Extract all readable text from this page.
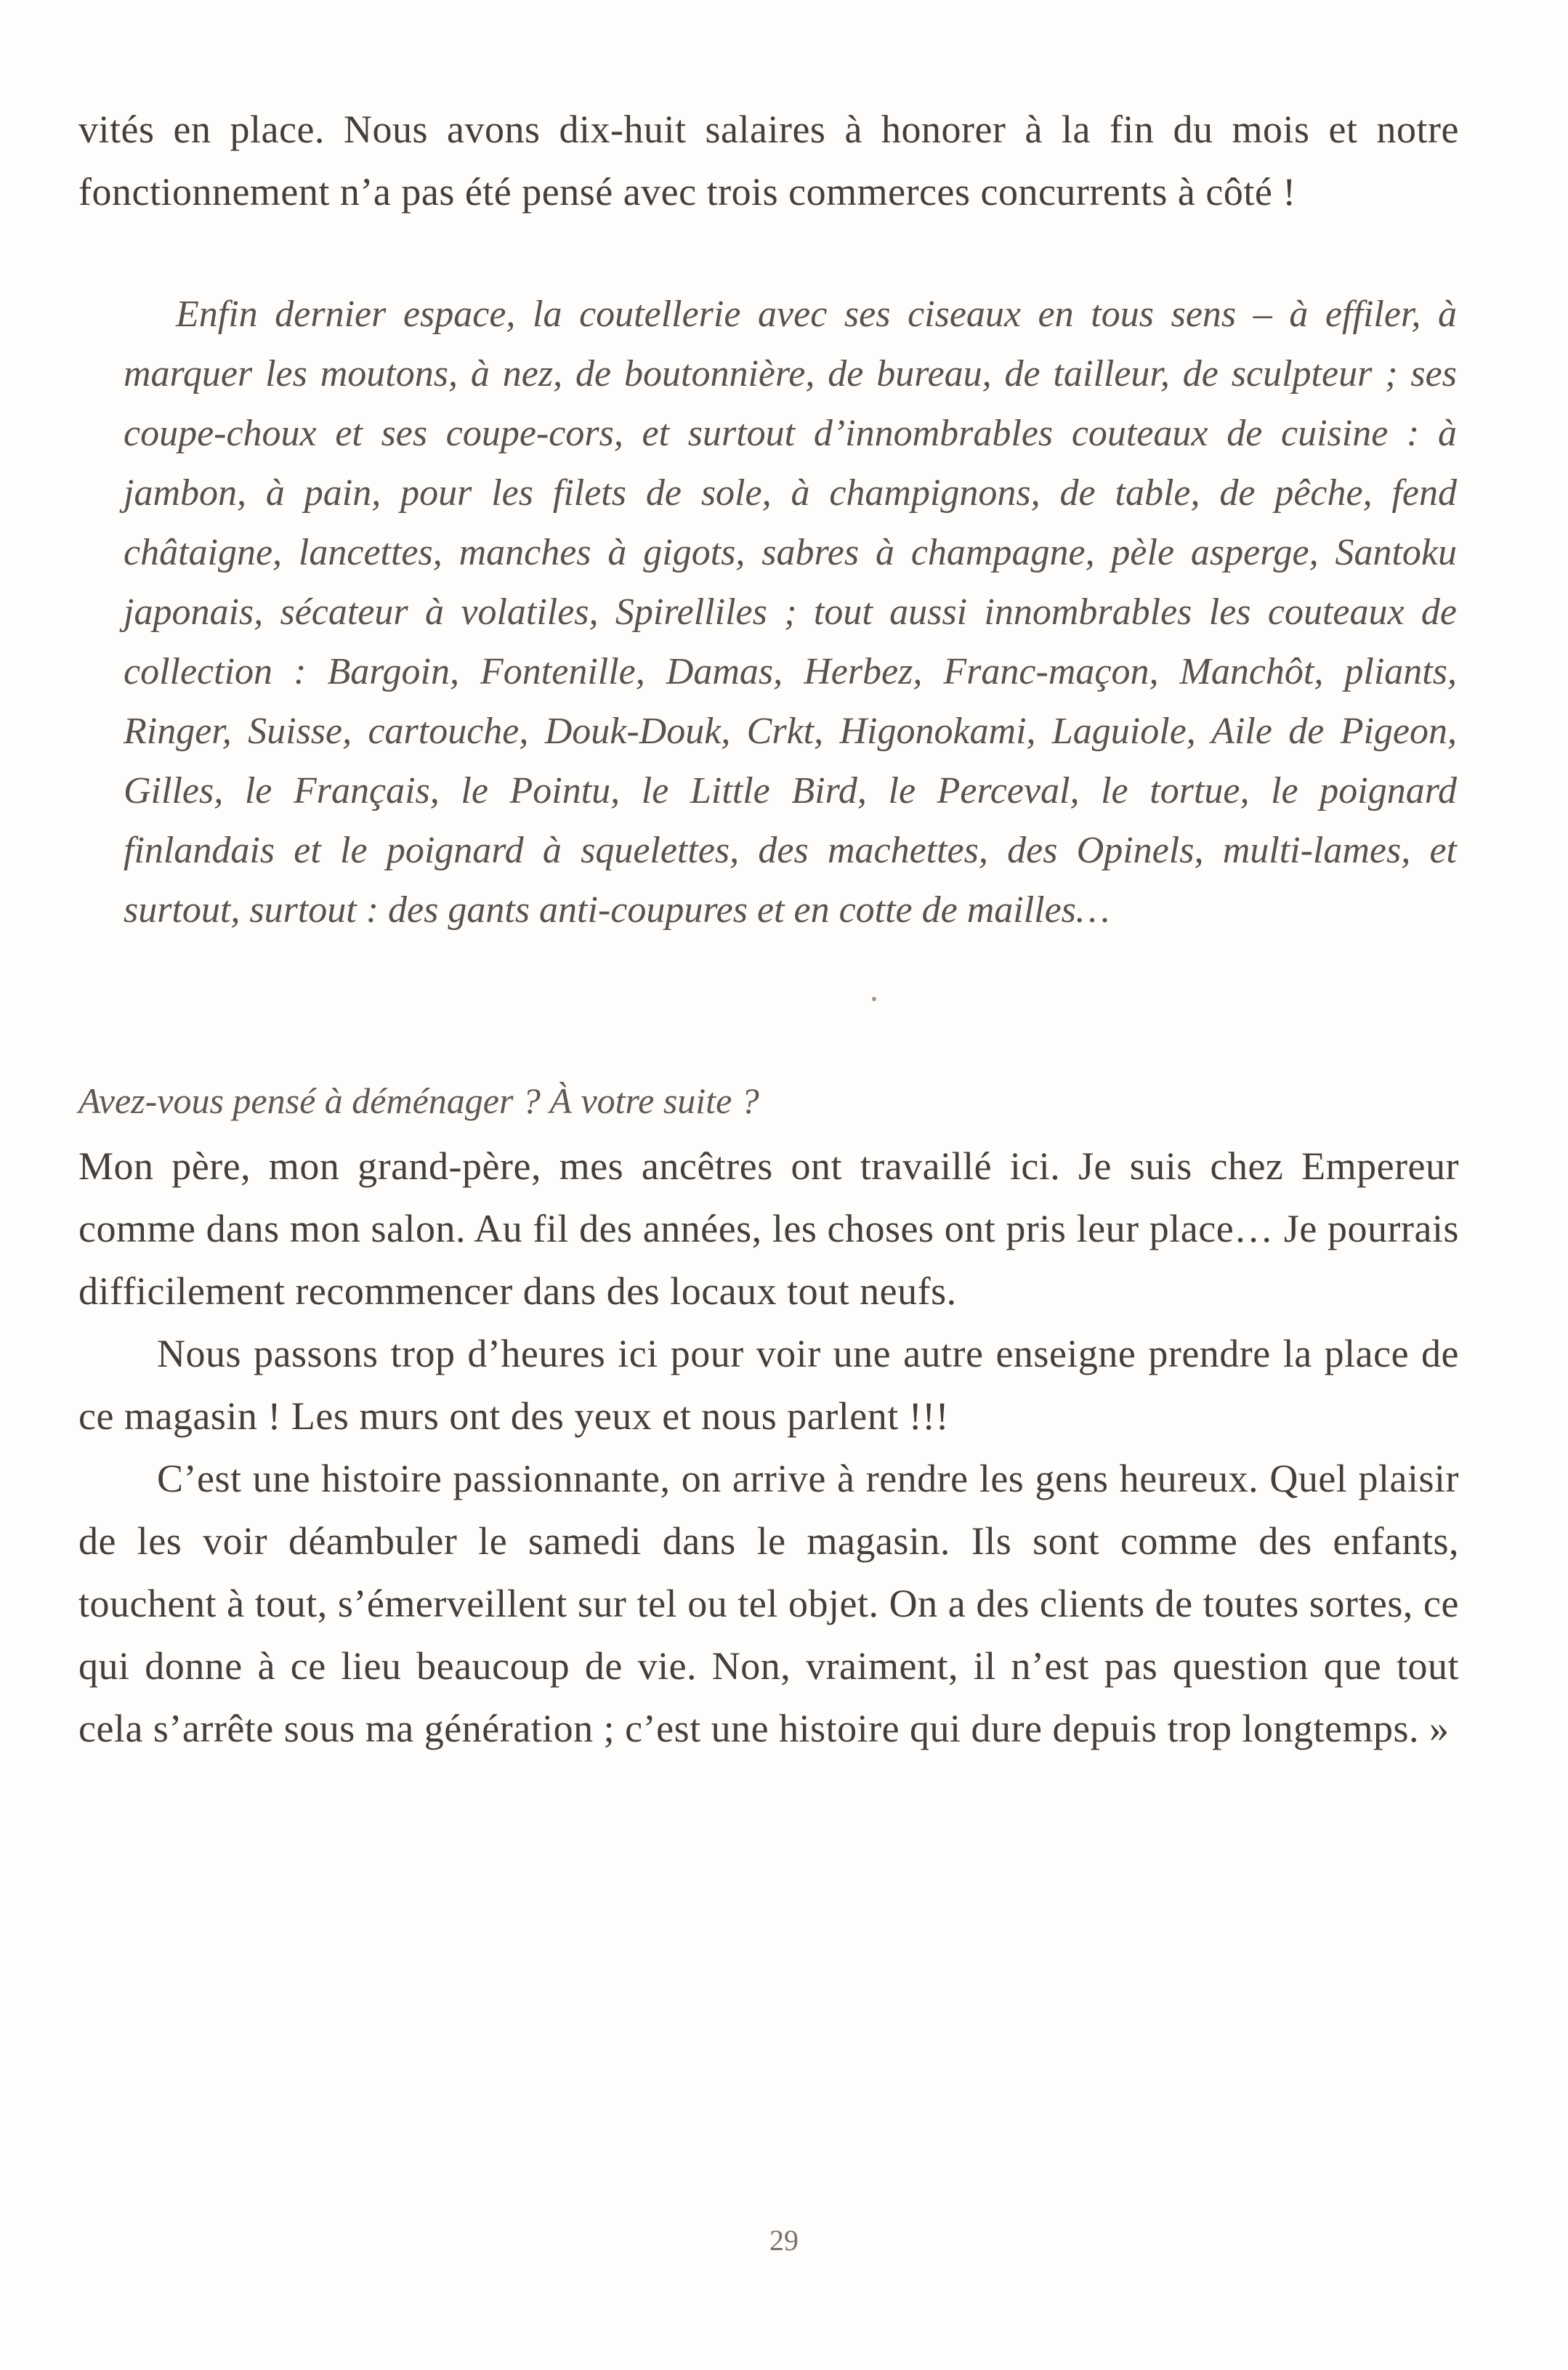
vités en place. Nous avons dix-huit salaires à honorer à la fin du mois et notre fonctionnement n’a pas été pensé avec trois commerces concurrents à côté !

Enfin dernier espace, la coutellerie avec ses ciseaux en tous sens – à effiler, à marquer les moutons, à nez, de boutonnière, de bureau, de tailleur, de sculpteur ; ses coupe-choux et ses coupe-cors, et surtout d’innombrables couteaux de cuisine : à jambon, à pain, pour les filets de sole, à champignons, de table, de pêche, fend châtaigne, lancettes, manches à gigots, sabres à champagne, pèle asperge, Santoku japonais, sécateur à volatiles, Spirelliles ; tout aussi innombrables les couteaux de collection : Bargoin, Fontenille, Damas, Herbez, Franc-maçon, Manchôt, pliants, Ringer, Suisse, cartouche, Douk-Douk, Crkt, Higonokami, Laguiole, Aile de Pigeon, Gilles, le Français, le Pointu, le Little Bird, le Perceval, le tortue, le poignard finlandais et le poignard à squelettes, des machettes, des Opinels, multi-lames, et surtout, surtout : des gants anti-coupures et en cotte de mailles…

Avez-vous pensé à déménager ? À votre suite ?

Mon père, mon grand-père, mes ancêtres ont travaillé ici. Je suis chez Empereur comme dans mon salon. Au fil des années, les choses ont pris leur place… Je pourrais difficilement recommencer dans des locaux tout neufs.

Nous passons trop d’heures ici pour voir une autre enseigne prendre la place de ce magasin ! Les murs ont des yeux et nous parlent !!!

C’est une histoire passionnante, on arrive à rendre les gens heureux. Quel plaisir de les voir déambuler le samedi dans le magasin. Ils sont comme des enfants, touchent à tout, s’émerveillent sur tel ou tel objet. On a des clients de toutes sortes, ce qui donne à ce lieu beaucoup de vie. Non, vraiment, il n’est pas question que tout cela s’arrête sous ma génération ; c’est une histoire qui dure depuis trop longtemps. »

29
